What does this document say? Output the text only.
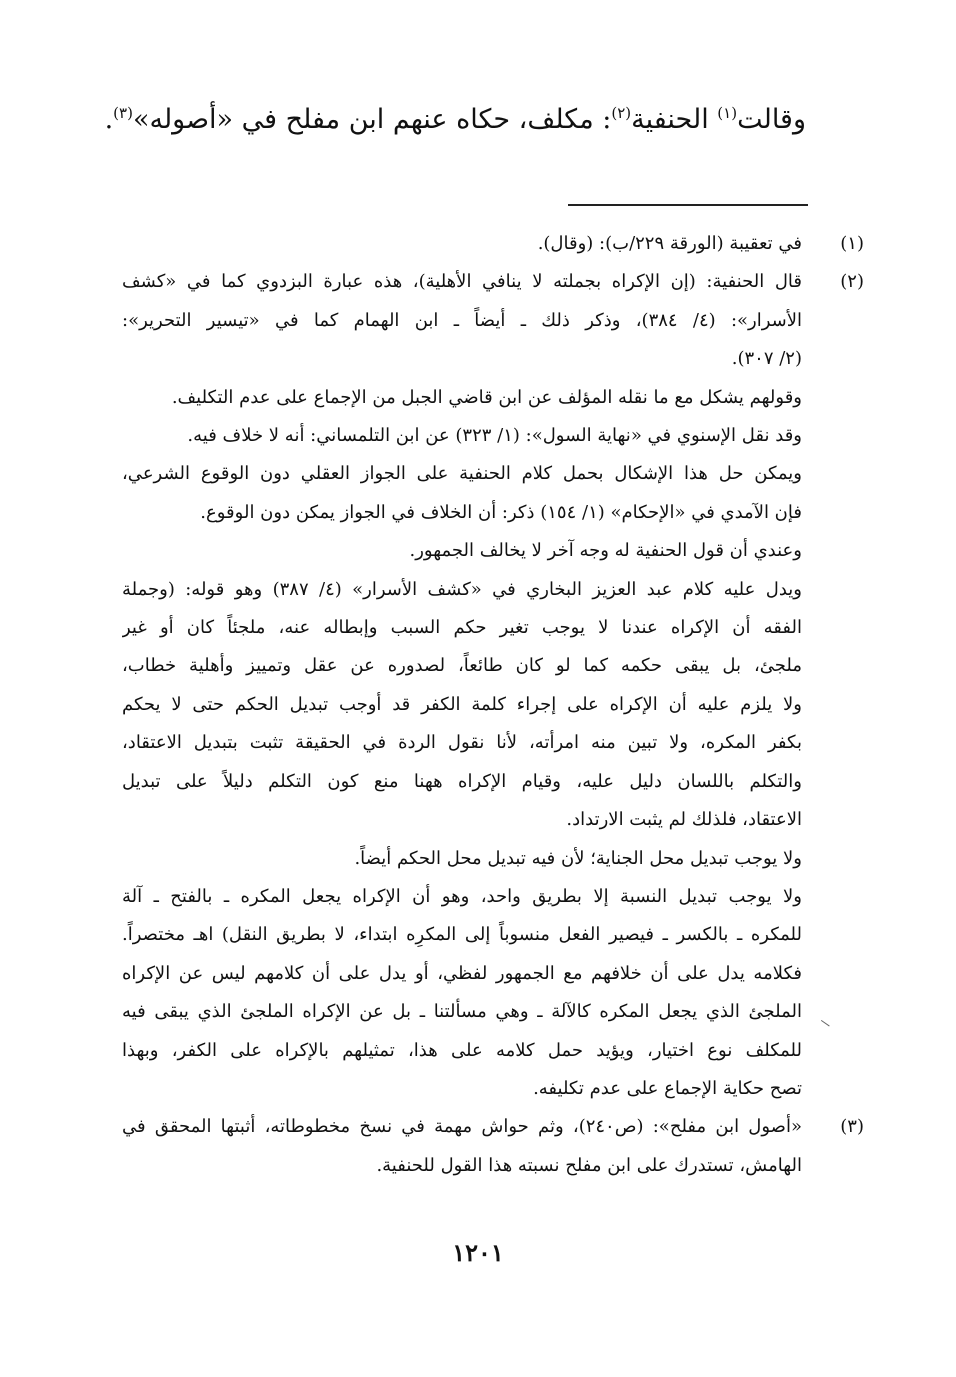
وقالت$^{(١)}$ الحنفية$^{(٢)}$: مكلف، حكاه عنهم ابن مفلح في «أصوله»$^{(٣)}$.
(١)
في تعقيبة (الورقة ٢٢٩/ب): (وقال).
(٢)
قال الحنفية: (إن الإكراه بجملته لا ينافي الأهلية)، هذه عبارة البزدوي كما في «كشف
الأسرار»: (٤/ ٣٨٤)، وذكر ذلك ـ أيضاً ـ ابن الهمام كما في «تيسير التحرير»:
(٢/ ٣٠٧).
وقولهم يشكل مع ما نقله المؤلف عن ابن قاضي الجبل من الإجماع على عدم التكليف.
وقد نقل الإسنوي في «نهاية السول»: (١/ ٣٢٣) عن ابن التلمساني: أنه لا خلاف فيه.
ويمكن حل هذا الإشكال بحمل كلام الحنفية على الجواز العقلي دون الوقوع الشرعي،
فإن الآمدي في «الإحكام» (١/ ١٥٤) ذكر: أن الخلاف في الجواز يمكن دون الوقوع.
وعندي أن قول الحنفية له وجه آخر لا يخالف الجمهور.
ويدل عليه كلام عبد العزيز البخاري في «كشف الأسرار» (٤/ ٣٨٧) وهو قوله: (وجملة
الفقه أن الإكراه عندنا لا يوجب تغير حكم السبب وإبطاله عنه، ملجئاً كان أو غير
ملجئ، بل يبقى حكمه كما لو كان طائعاً، لصدوره عن عقل وتمييز وأهلية خطاب،
ولا يلزم عليه أن الإكراه على إجراء كلمة الكفر قد أوجب تبديل الحكم حتى لا يحكم
بكفر المكره، ولا تبين منه امرأته، لأنا نقول الردة في الحقيقة تثبت بتبديل الاعتقاد،
والتكلم باللسان دليل عليه، وقيام الإكراه ههنا منع كون التكلم دليلاً على تبديل
الاعتقاد، فلذلك لم يثبت الارتداد.
ولا يوجب تبديل محل الجناية؛ لأن فيه تبديل محل الحكم أيضاً.
ولا يوجب تبديل النسبة إلا بطريق واحد، وهو أن الإكراه يجعل المكره ـ بالفتح ـ آلة
للمكره ـ بالكسر ـ فيصير الفعل منسوباً إلى المكرِه ابتداء، لا بطريق النقل) اهـ مختصراً.
فكلامه يدل على أن خلافهم مع الجمهور لفظي، أو يدل على أن كلامهم ليس عن الإكراه
الملجئ الذي يجعل المكره كالآلة ـ وهي مسألتنا ـ بل عن الإكراه الملجئ الذي يبقى فيه
للمكلف نوع اختيار، ويؤيد حمل كلامه على هذا، تمثيلهم بالإكراه على الكفر، وبهذا
تصح حكاية الإجماع على عدم تكليفه.
(٣)
«أصول ابن مفلح»: (ص٢٤٠)، وثم حواش مهمة في نسخ مخطوطاته، أثبتها المحقق في
الهامش، تستدرك على ابن مفلح نسبته هذا القول للحنفية.
١٢٠١
